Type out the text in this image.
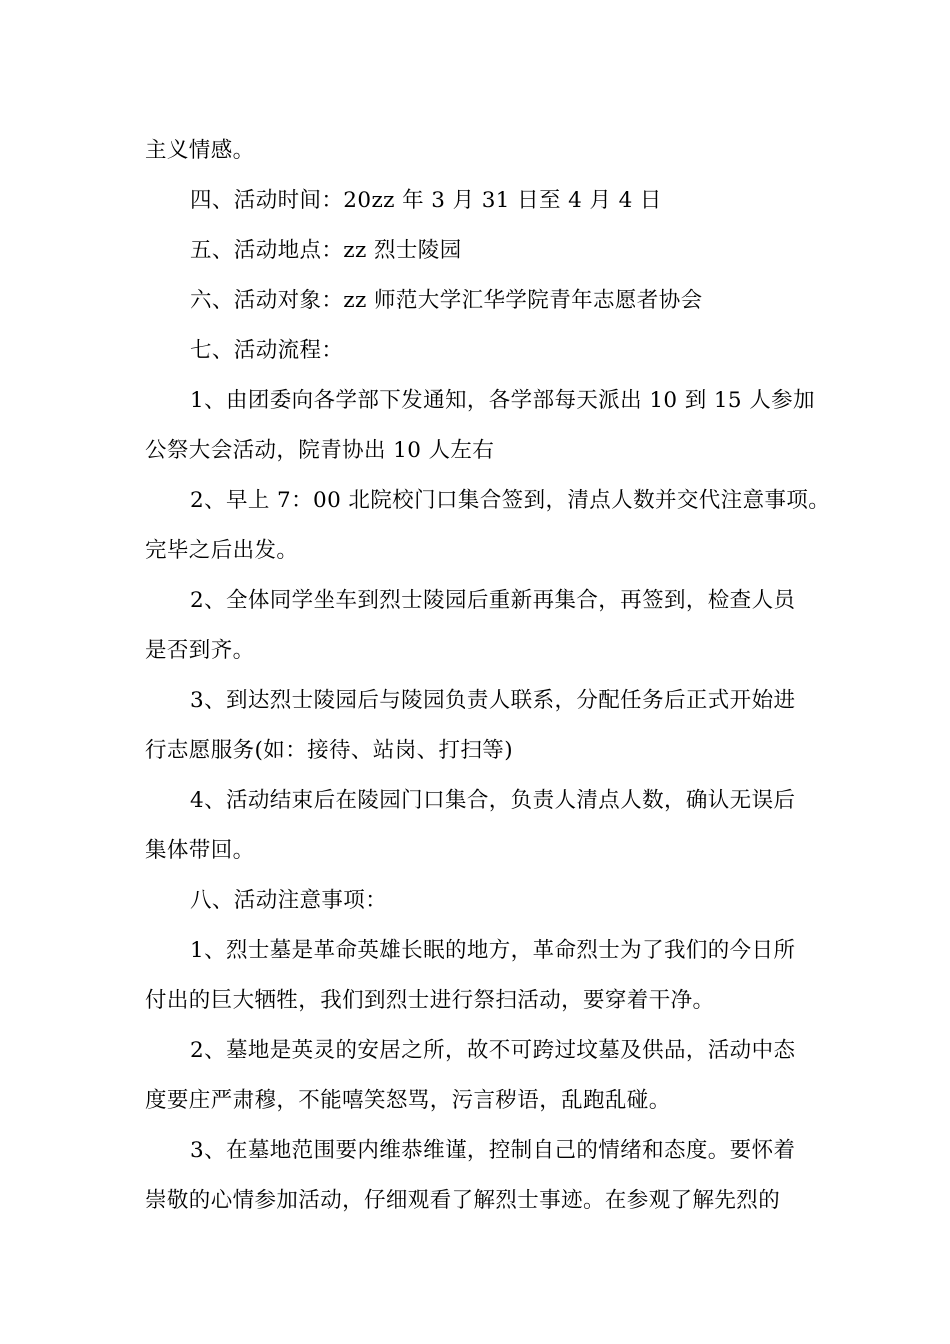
主义情感。
四、活动时间：20zz 年 3 月 31 日至 4 月 4 日
五、活动地点：zz 烈士陵园
六、活动对象：zz 师范大学汇华学院青年志愿者协会
七、活动流程：
1、由团委向各学部下发通知，各学部每天派出 10 到 15 人参加
公祭大会活动，院青协出 10 人左右
2、早上 7：00 北院校门口集合签到，清点人数并交代注意事项。
完毕之后出发。
2、全体同学坐车到烈士陵园后重新再集合，再签到，检查人员
是否到齐。
3、到达烈士陵园后与陵园负责人联系，分配任务后正式开始进
行志愿服务(如：接待、站岗、打扫等)
4、活动结束后在陵园门口集合，负责人清点人数，确认无误后
集体带回。
八、活动注意事项：
1、烈士墓是革命英雄长眠的地方，革命烈士为了我们的今日所
付出的巨大牺牲，我们到烈士进行祭扫活动，要穿着干净。
2、墓地是英灵的安居之所，故不可跨过坟墓及供品，活动中态
度要庄严肃穆，不能嘻笑怒骂，污言秽语，乱跑乱碰。
3、在墓地范围要内维恭维谨，控制自己的情绪和态度。要怀着
崇敬的心情参加活动，仔细观看了解烈士事迹。在参观了解先烈的
